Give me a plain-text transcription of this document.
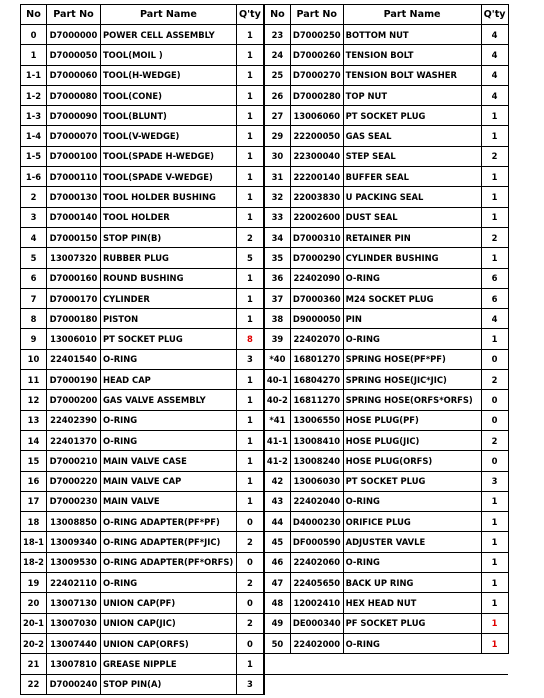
No	Part No	Part Name	Q'ty	No	Part No	Part Name	Q'ty
0	D7000000	POWER CELL ASSEMBLY	1	23	D7000250	BOTTOM NUT	4
1	D7000050	TOOL(MOIL )	1	24	D7000260	TENSION BOLT	4
1-1	D7000060	TOOL(H-WEDGE)	1	25	D7000270	TENSION BOLT WASHER	4
1-2	D7000080	TOOL(CONE)	1	26	D7000280	TOP NUT	4
1-3	D7000090	TOOL(BLUNT)	1	27	13006060	PT SOCKET PLUG	1
1-4	D7000070	TOOL(V-WEDGE)	1	29	22200050	GAS SEAL	1
1-5	D7000100	TOOL(SPADE H-WEDGE)	1	30	22300040	STEP SEAL	2
1-6	D7000110	TOOL(SPADE V-WEDGE)	1	31	22200140	BUFFER SEAL	1
2	D7000130	TOOL HOLDER BUSHING	1	32	22003830	U PACKING SEAL	1
3	D7000140	TOOL HOLDER	1	33	22002600	DUST SEAL	1
4	D7000150	STOP PIN(B)	2	34	D7000310	RETAINER PIN	2
5	13007320	RUBBER PLUG	5	35	D7000290	CYLINDER BUSHING	1
6	D7000160	ROUND BUSHING	1	36	22402090	O-RING	6
7	D7000170	CYLINDER	1	37	D7000360	M24 SOCKET PLUG	6
8	D7000180	PISTON	1	38	D9000050	PIN	4
9	13006010	PT SOCKET PLUG	8	39	22402070	O-RING	1
10	22401540	O-RING	3	*40	16801270	SPRING HOSE(PF*PF)	0
11	D7000190	HEAD CAP	1	40-1	16804270	SPRING HOSE(JIC*JIC)	2
12	D7000200	GAS VALVE ASSEMBLY	1	40-2	16811270	SPRING HOSE(ORFS*ORFS)	0
13	22402390	O-RING	1	*41	13006550	HOSE PLUG(PF)	0
14	22401370	O-RING	1	41-1	13008410	HOSE PLUG(JIC)	2
15	D7000210	MAIN VALVE CASE	1	41-2	13008240	HOSE PLUG(ORFS)	0
16	D7000220	MAIN VALVE CAP	1	42	13006030	PT SOCKET PLUG	3
17	D7000230	MAIN VALVE	1	43	22402040	O-RING	1
18	13008850	O-RING ADAPTER(PF*PF)	0	44	D4000230	ORIFICE PLUG	1
18-1	13009340	O-RING ADAPTER(PF*JIC)	2	45	DF000590	ADJUSTER VAVLE	1
18-2	13009530	O-RING ADAPTER(PF*ORFS)	0	46	22402060	O-RING	1
19	22402110	O-RING	2	47	22405650	BACK UP RING	1
20	13007130	UNION CAP(PF)	0	48	12002410	HEX HEAD NUT	1
20-1	13007030	UNION CAP(JIC)	2	49	DE000340	PF SOCKET PLUG	1
20-2	13007440	UNION CAP(ORFS)	0	50	22402000	O-RING	1
21	13007810	GREASE NIPPLE	1				
22	D7000240	STOP PIN(A)	3				
